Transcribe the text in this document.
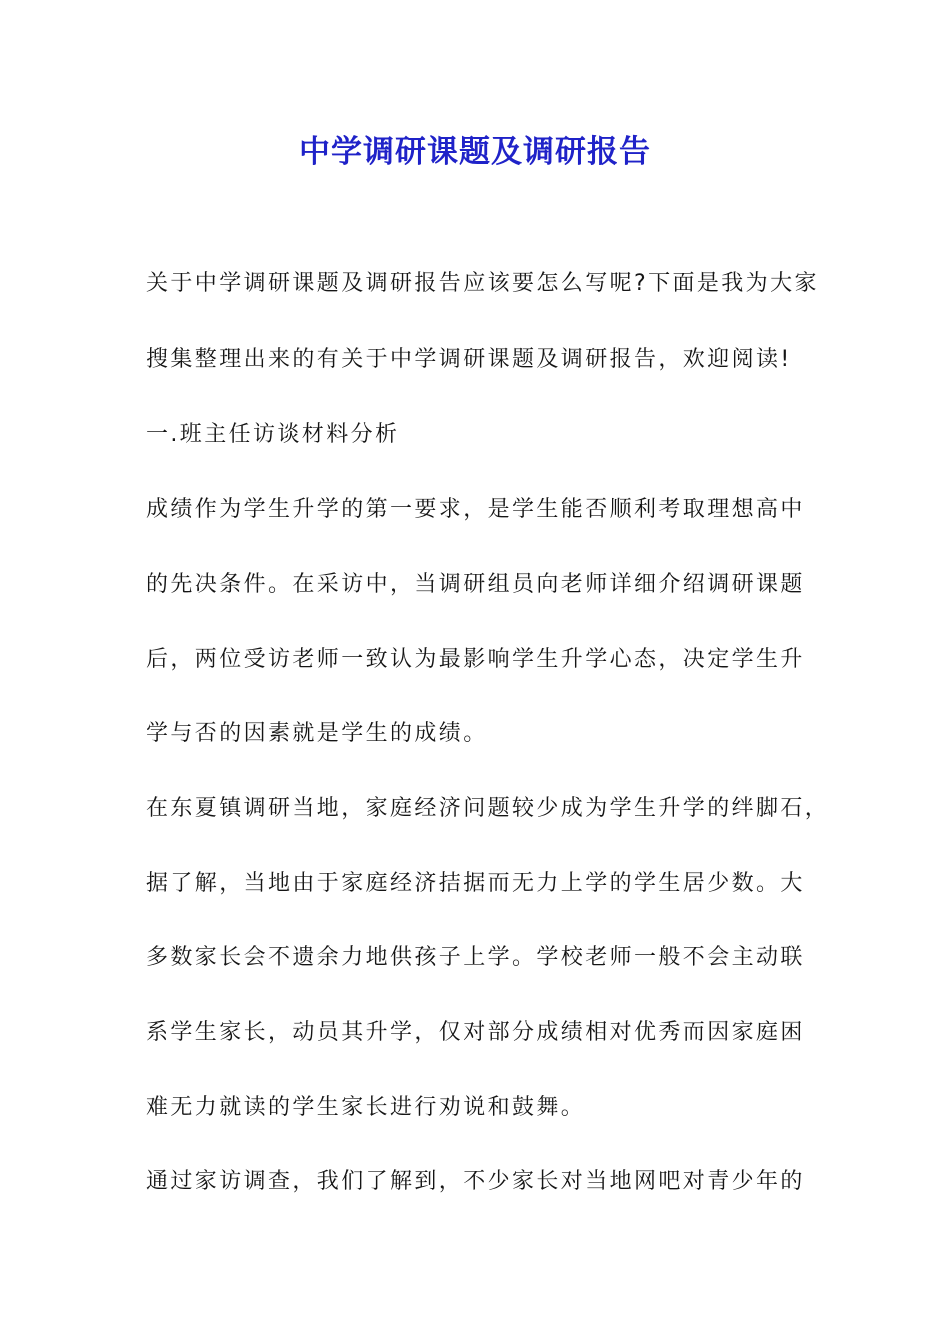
中学调研课题及调研报告

关于中学调研课题及调研报告应该要怎么写呢?下面是我为大家

搜集整理出来的有关于中学调研课题及调研报告，欢迎阅读!

一.班主任访谈材料分析

成绩作为学生升学的第一要求，是学生能否顺利考取理想高中

的先决条件。在采访中，当调研组员向老师详细介绍调研课题

后，两位受访老师一致认为最影响学生升学心态，决定学生升

学与否的因素就是学生的成绩。

在东夏镇调研当地，家庭经济问题较少成为学生升学的绊脚石，

据了解，当地由于家庭经济拮据而无力上学的学生居少数。大

多数家长会不遗余力地供孩子上学。学校老师一般不会主动联

系学生家长，动员其升学，仅对部分成绩相对优秀而因家庭困

难无力就读的学生家长进行劝说和鼓舞。

通过家访调查，我们了解到，不少家长对当地网吧对青少年的
